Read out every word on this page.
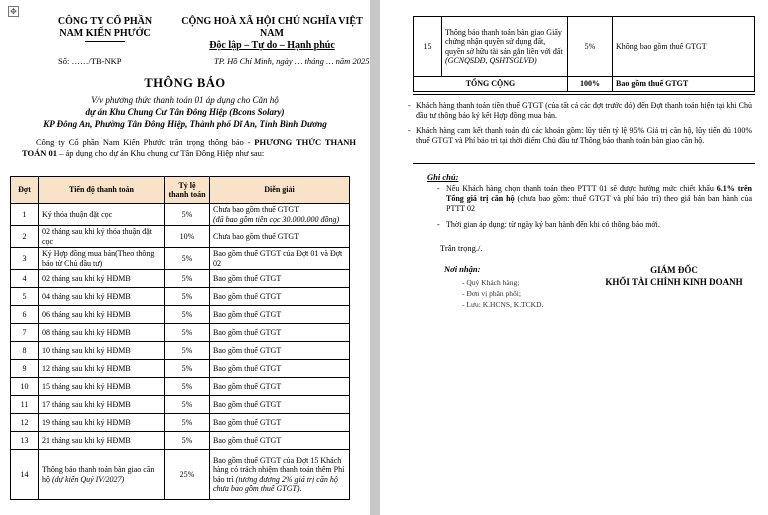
✥
CÔNG TY CỔ PHẦN
NAM KIẾN PHƯỚC
CỘNG HOÀ XÃ HỘI CHỦ NGHĨA VIỆT NAM
Độc lập – Tự do – Hạnh phúc
Số: ……/TB-NKP	TP. Hồ Chí Minh, ngày … tháng … năm 2025
THÔNG BÁO
V/v phương thức thanh toán 01 áp dụng cho Căn hộ
dự án Khu Chung Cư Tân Đông Hiệp (Bcons Solary)
KP Đông An, Phường Tân Đông Hiệp, Thành phố Dĩ An, Tỉnh Bình Dương
Công ty Cổ phần Nam Kiến Phước trân trọng thông báo - PHƯƠNG THỨC THANH TOÁN 01 – áp dụng cho dự án Khu chung cư Tân Đông Hiệp như sau:
Đợt	Tiến độ thanh toán	Tỷ lệ thanh toán	Diễn giải
1	Ký thỏa thuận đặt cọc	5%	Chưa bao gồm thuế GTGT
(đã bao gồm tiền cọc 30.000.000 đồng)

2	02 tháng sau khi ký thỏa thuận đặt cọc	10%	Chưa bao gồm thuế GTGT
3	Ký Hợp đồng mua bán(Theo thông báo từ Chủ đầu tư)	5%	Bao gồm thuế GTGT của Đợt 01 và Đợt 02
4	02 tháng sau khi ký HĐMB	5%	Bao gồm thuế GTGT
5	04 tháng sau khi ký HĐMB	5%	Bao gồm thuế GTGT
6	06 tháng sau khi ký HĐMB	5%	Bao gồm thuế GTGT
7	08 tháng sau khi ký HĐMB	5%	Bao gồm thuế GTGT
8	10 tháng sau khi ký HĐMB	5%	Bao gồm thuế GTGT
9	12 tháng sau khi ký HĐMB	5%	Bao gồm thuế GTGT
10	15 tháng sau khi ký HĐMB	5%	Bao gồm thuế GTGT
11	17 tháng sau khi ký HĐMB	5%	Bao gồm thuế GTGT
12	19 tháng sau khi ký HĐMB	5%	Bao gồm thuế GTGT
13	21 tháng sau khi ký HĐMB	5%	Bao gồm thuế GTGT
14	Thông báo thanh toán bàn giao căn hộ (dự kiến Quý IV/2027)	25%	Bao gồm thuế GTGT của Đợt 15 Khách hàng có trách nhiệm thanh toán thêm Phí bảo trì (tương đương 2% giá trị căn hộ chưa bao gồm thuế GTGT).
15	Thông báo thanh toán bàn giao Giấy chứng nhận quyền sử dụng đất, quyền sở hữu tài sản gắn liền với đất (GCNQSDĐ, QSHTSGLVĐ)	5%	Không bao gồm thuế GTGT
TỔNG CỘNG		100%	Bao gồm thuế GTGT
- Khách hàng thanh toán tiền thuế GTGT (của tất cả các đợt trước đó) đến Đợt thanh toán hiện tại khi Chủ đầu tư thông báo ký kết Hợp đồng mua bán.
- Khách hàng cam kết thanh toán đủ các khoản gồm: lũy tiến tỷ lệ 95% Giá trị căn hộ, lũy tiến đủ 100% thuế GTGT và Phí bảo trì tại thời điểm Chủ đầu tư Thông báo thanh toán bàn giao căn hộ.
Ghi chú:
- Nếu Khách hàng chọn thanh toán theo PTTT 01 sẽ được hưởng mức chiết khấu 6.1% trên Tổng giá trị căn hộ (chưa bao gồm: thuế GTGT và phí bảo trì) theo giá bán ban hành của PTTT 02
- Thời gian áp dụng: từ ngày ký ban hành đến khi có thông báo mới.
Trân trọng./.
Nơi nhận:
- Quý Khách hàng;
- Đơn vị phân phối;
- Lưu: K.HCNS, K.TCKD.
GIÁM ĐỐC
KHỐI TÀI CHÍNH KINH DOANH
